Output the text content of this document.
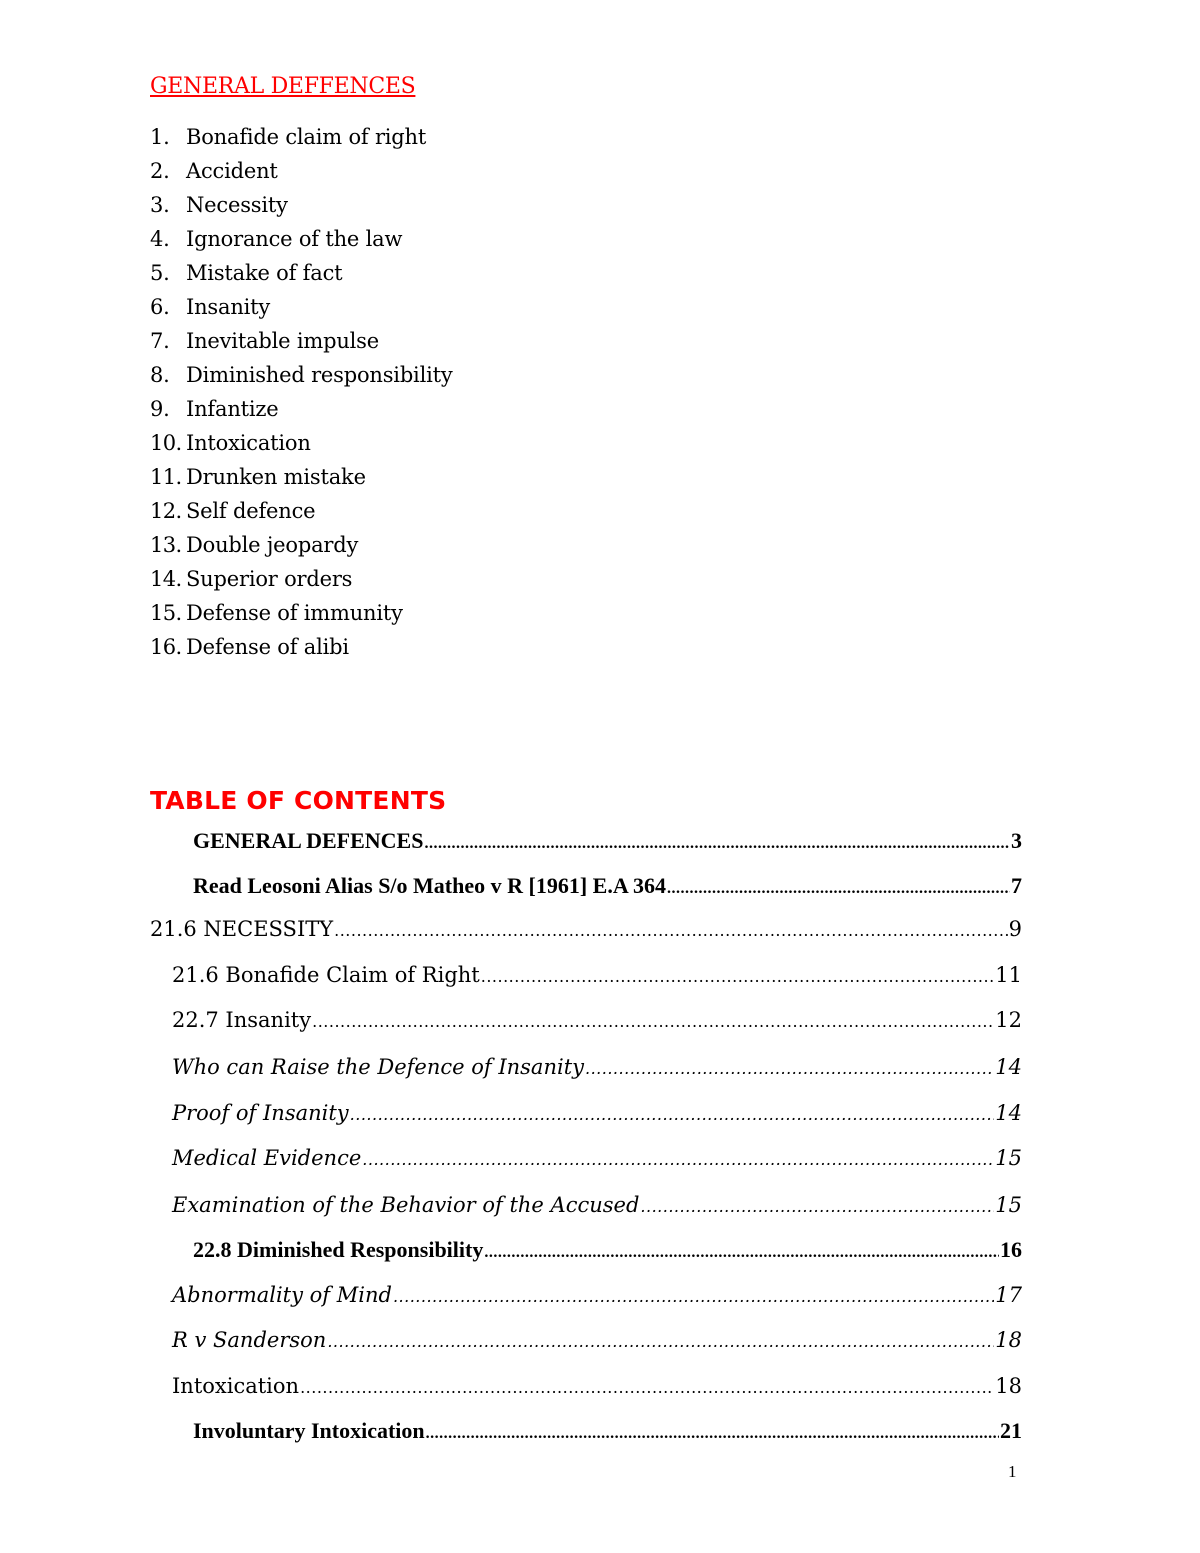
GENERAL DEFFENCES
1. Bonafide claim of right
2. Accident
3. Necessity
4. Ignorance of the law
5. Mistake of fact
6. Insanity
7. Inevitable impulse
8. Diminished responsibility
9. Infantize
10. Intoxication
11. Drunken mistake
12. Self defence
13. Double jeopardy
14. Superior orders
15. Defense of immunity
16. Defense of alibi
TABLE OF CONTENTS
GENERAL DEFENCES .....	3
Read Leosoni Alias S/o Matheo v R [1961] E.A 364 .....	7
21.6 NECESSITY .....	9
21.6 Bonafide Claim of Right .....	11
22.7 Insanity .....	12
Who can Raise the Defence of Insanity .....	14
Proof of Insanity .....	14
Medical Evidence .....	15
Examination of the Behavior of the Accused .....	15
22.8 Diminished Responsibility .....	16
Abnormality of Mind .....	17
R v Sanderson .....	18
Intoxication .....	18
Involuntary Intoxication .....	21
1
